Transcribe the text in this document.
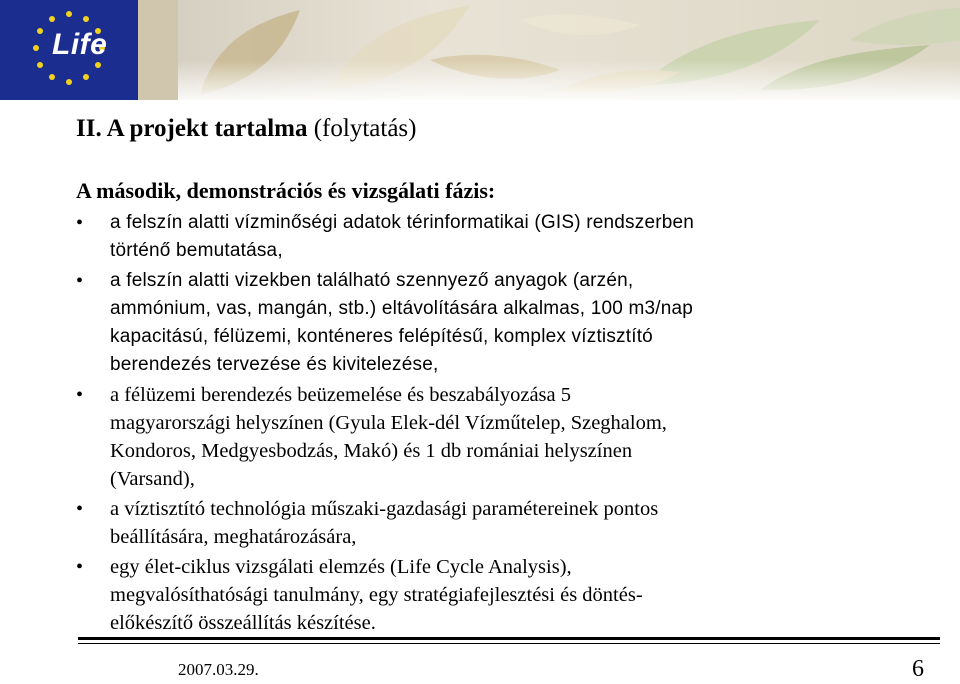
Life
II. A projekt tartalma (folytatás)
A második, demonstrációs és vizsgálati fázis:
• a felszín alatti vízminőségi adatok térinformatikai (GIS) rendszerben
történő bemutatása,
• a felszín alatti vizekben található szennyező anyagok (arzén,
ammónium, vas, mangán, stb.) eltávolítására alkalmas, 100 m3/nap
kapacitású, félüzemi, konténeres felépítésű, komplex víztisztító
berendezés tervezése és kivitelezése,
• a félüzemi berendezés beüzemelése és beszabályozása 5
magyarországi helyszínen (Gyula Elek-dél Vízműtelep, Szeghalom,
Kondoros, Medgyesbodzás, Makó) és 1 db romániai helyszínen
(Varsand),
• a víztisztító technológia műszaki-gazdasági paramétereinek pontos
beállítására, meghatározására,
• egy élet-ciklus vizsgálati elemzés (Life Cycle Analysis),
megvalósíthatósági tanulmány, egy stratégiafejlesztési és döntés-
előkészítő összeállítás készítése.
2007.03.29.	6
